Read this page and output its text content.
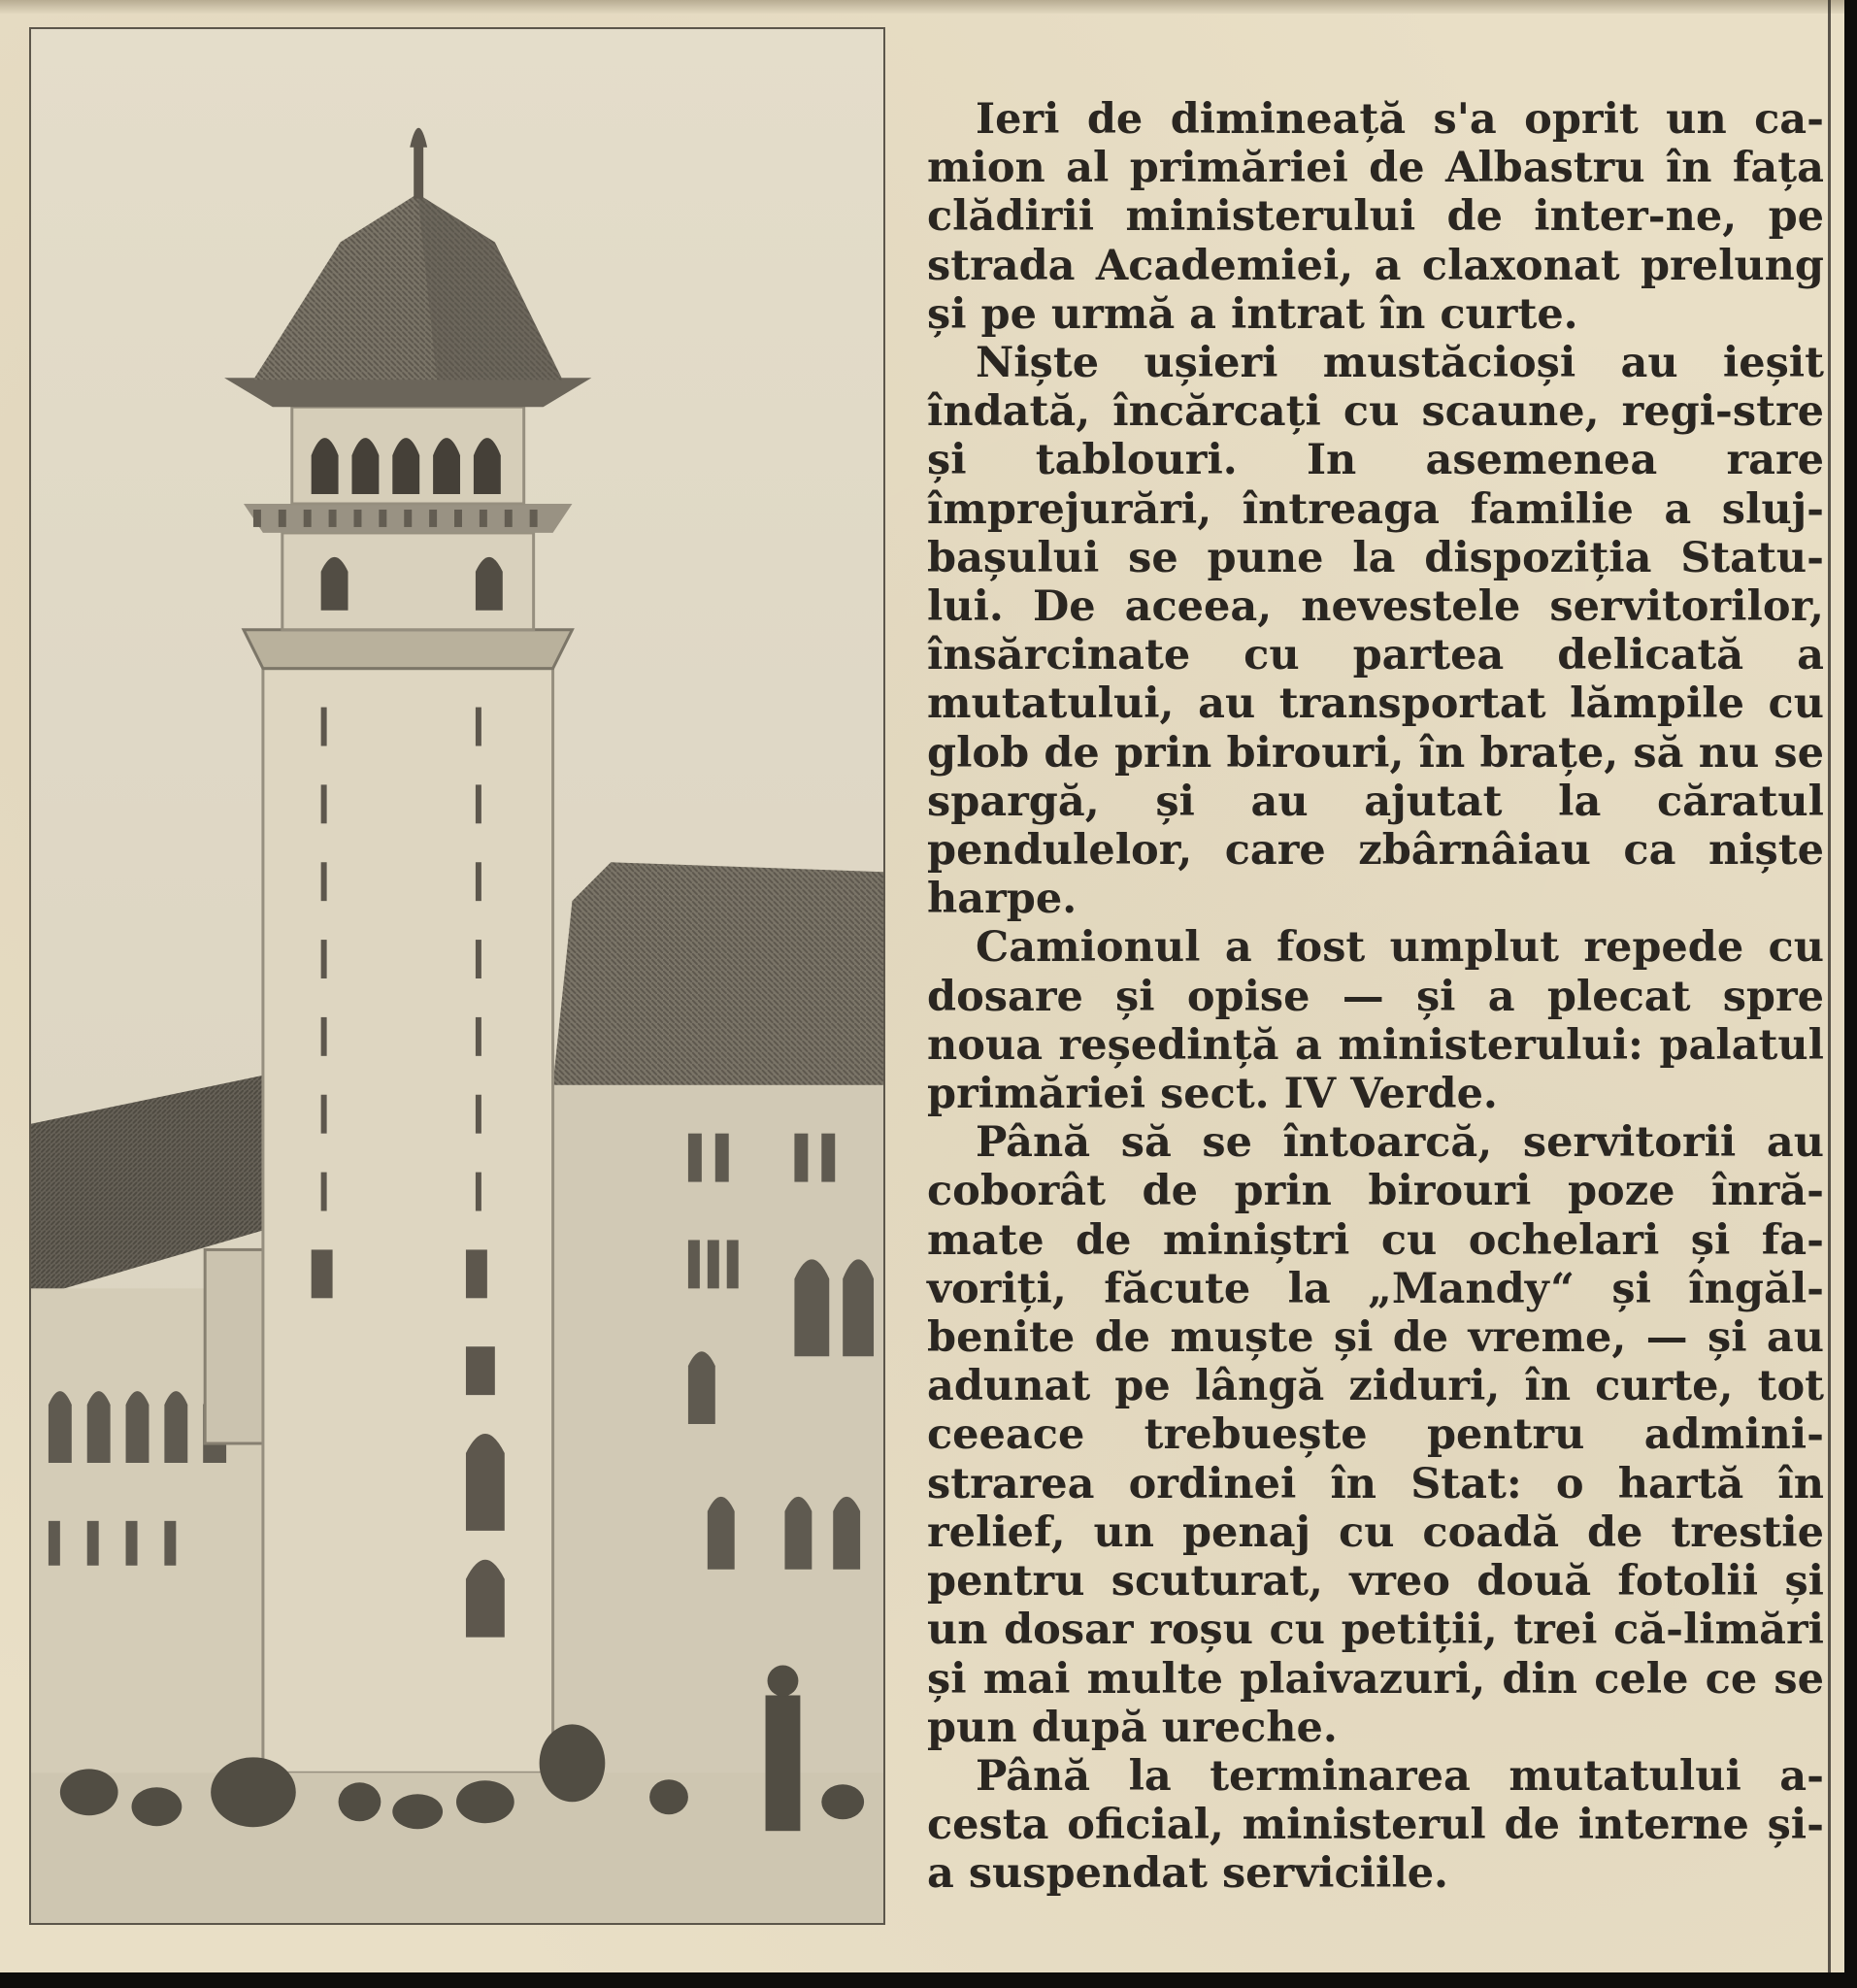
Ieri de dimineață s'a oprit un ca-mion al primăriei de Albastru în fața clădirii ministerului de inter-ne, pe strada Academiei, a claxonat prelung și pe urmă a intrat în curte.

Niște ușieri mustăcioși au ieșit îndată, încărcați cu scaune, regi-stre și tablouri. In asemenea rare împrejurări, întreaga familie a sluj-bașului se pune la dispoziția Statu-lui. De aceea, nevestele servitorilor, însărcinate cu partea delicată a mutatului, au transportat lămpile cu glob de prin birouri, în brațe, să nu se spargă, și au ajutat la căratul pendulelor, care zbârnâiau ca niște harpe.

Camionul a fost umplut repede cu dosare și opise — și a plecat spre noua reședință a ministerului: palatul primăriei sect. IV Verde.

Până să se întoarcă, servitorii au coborât de prin birouri poze înră-mate de miniștri cu ochelari și fa-voriți, făcute la „Mandy“ și îngăl-benite de muște și de vreme, — și au adunat pe lângă ziduri, în curte, tot ceeace trebuește pentru admini-strarea ordinei în Stat: o hartă în relief, un penaj cu coadă de trestie pentru scuturat, vreo două fotolii și un dosar roșu cu petiții, trei că-limări și mai multe plaivazuri, din cele ce se pun după ureche.

Până la terminarea mutatului a-cesta oficial, ministerul de interne și-a suspendat serviciile.
